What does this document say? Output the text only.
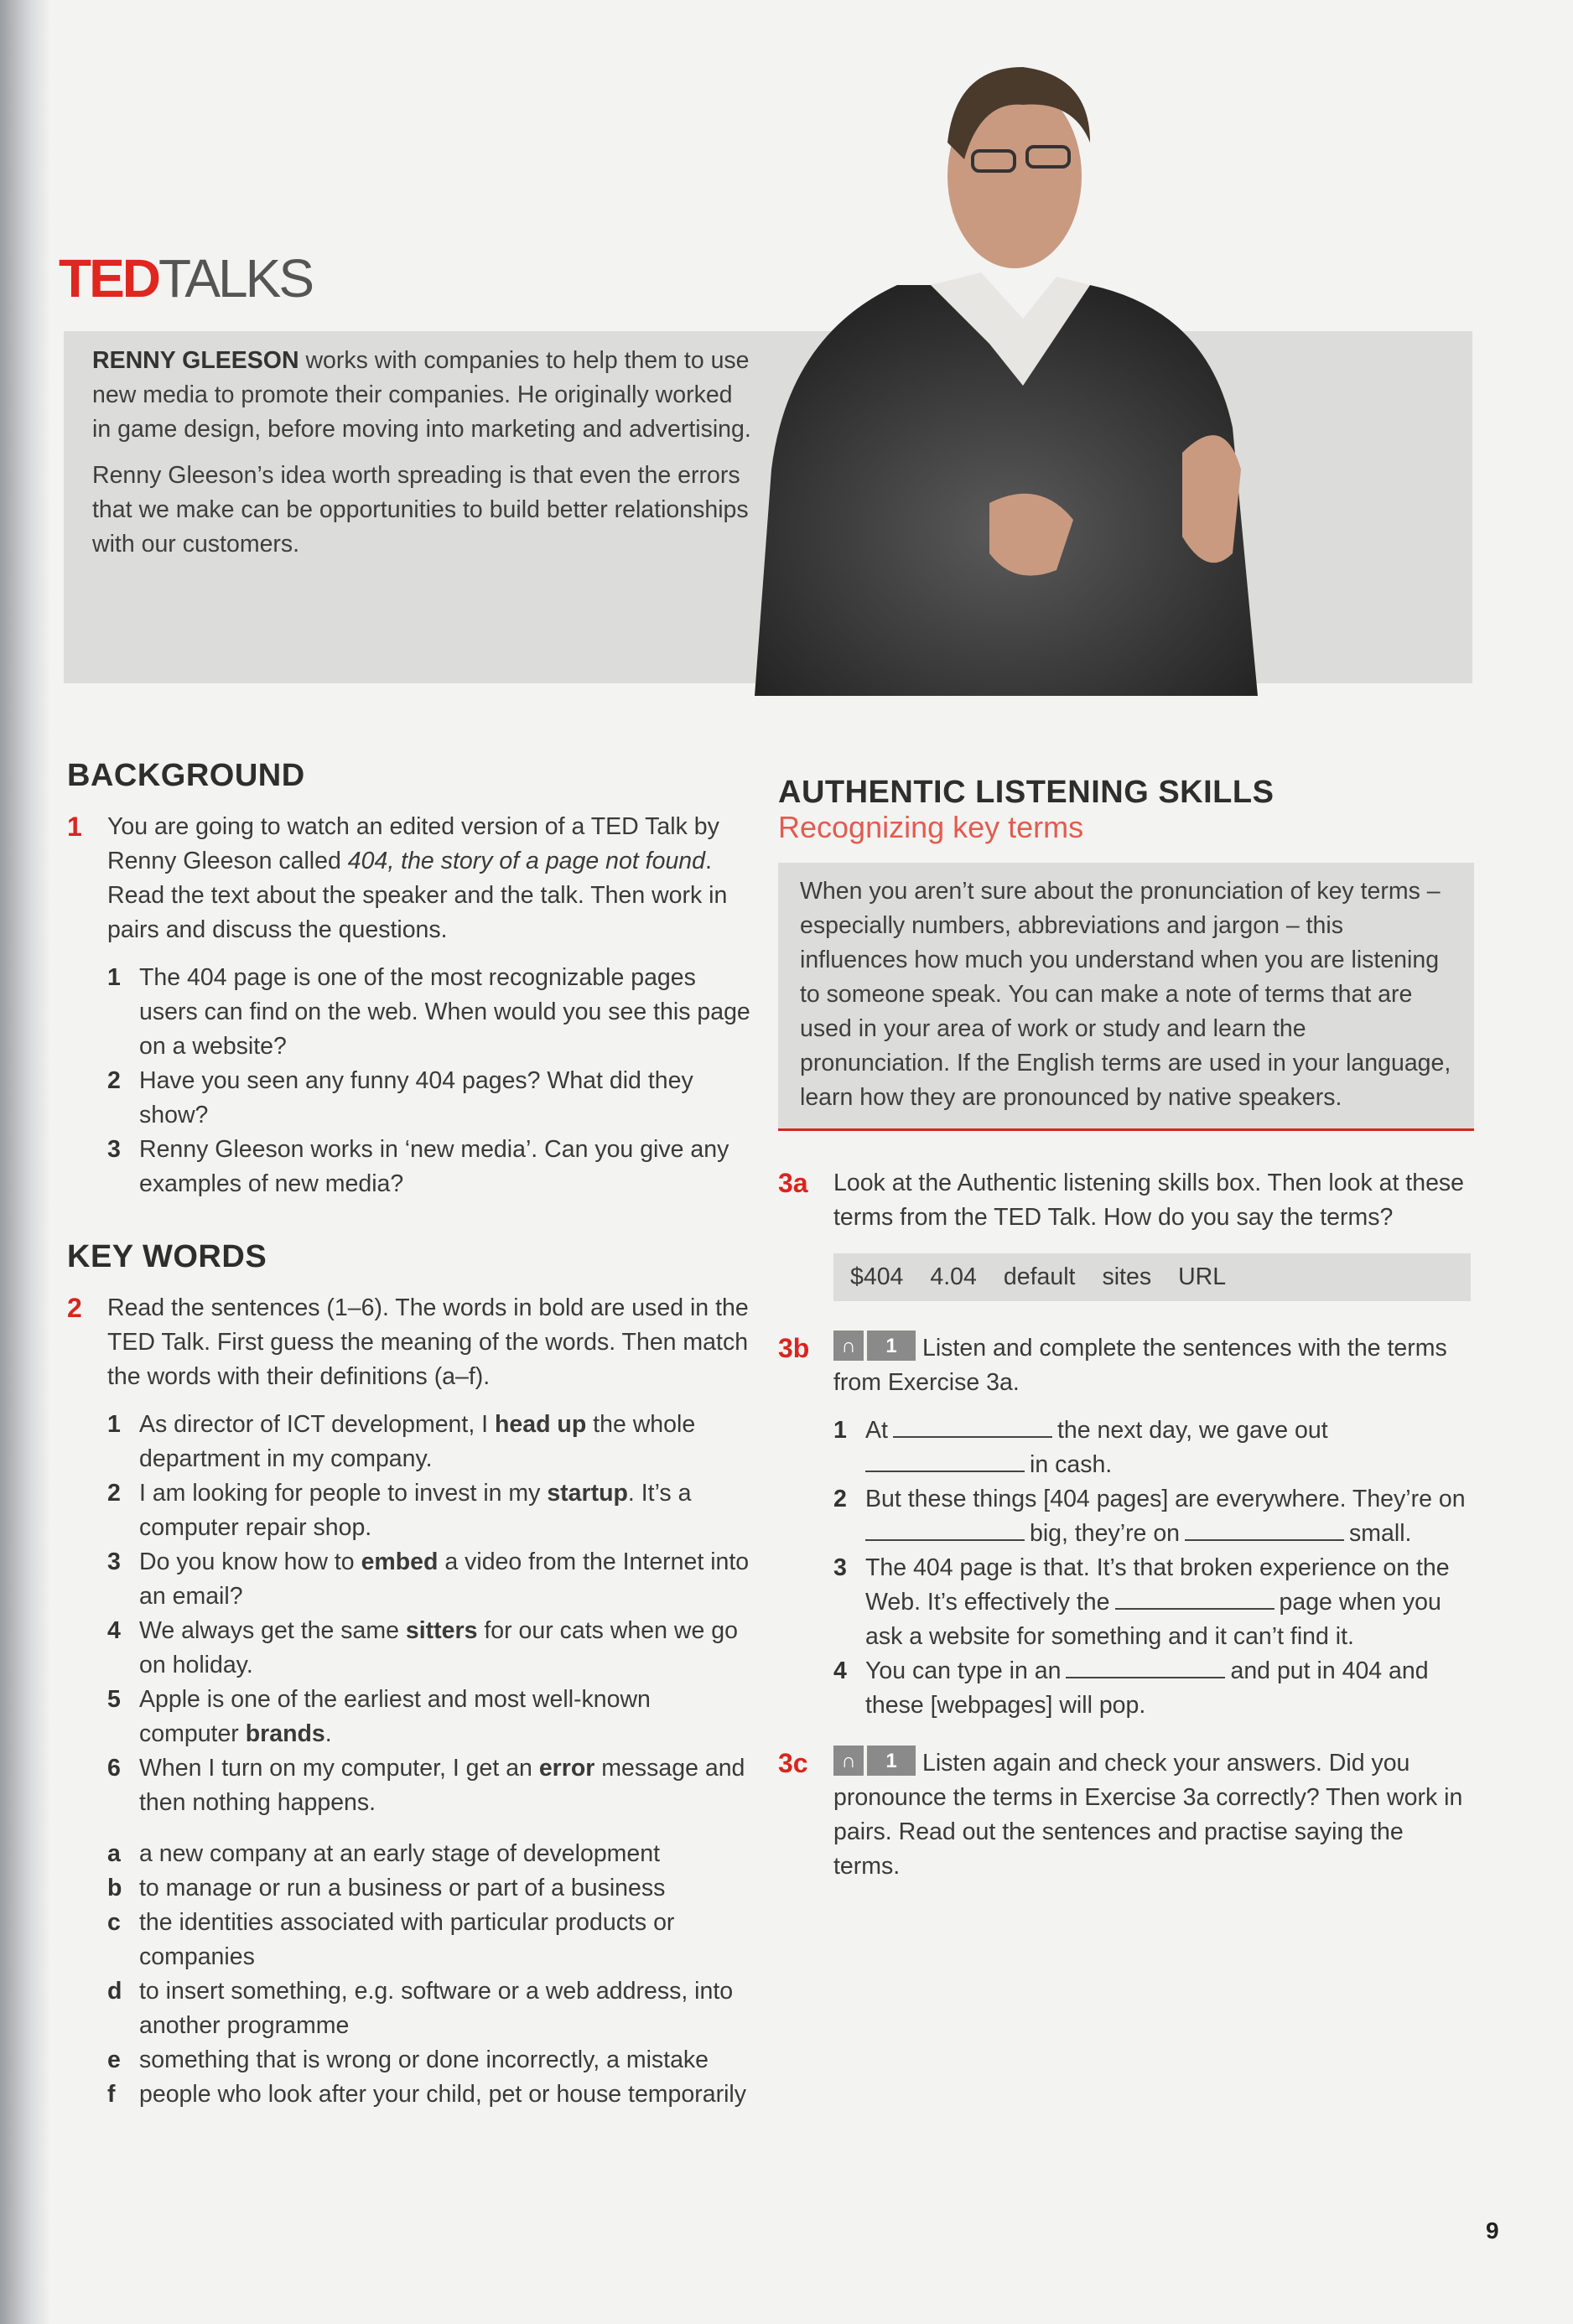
TEDTALKS

RENNY GLEESON works with companies to help them to use new media to promote their companies. He originally worked in game design, before moving into marketing and advertising.

Renny Gleeson’s idea worth spreading is that even the errors that we make can be opportunities to build better relationships with our customers.

BACKGROUND
1	You are going to watch an edited version of a TED Talk by Renny Gleeson called 404, the story of a page not found. Read the text about the speaker and the talk. Then work in pairs and discuss the questions.
1 The 404 page is one of the most recognizable pages users can find on the web. When would you see this page on a website?
2 Have you seen any funny 404 pages? What did they show?
3 Renny Gleeson works in ‘new media’. Can you give any examples of new media?
KEY WORDS
2	Read the sentences (1–6). The words in bold are used in the TED Talk. First guess the meaning of the words. Then match the words with their definitions (a–f).
1 As director of ICT development, I head up the whole department in my company.
2 I am looking for people to invest in my startup. It’s a computer repair shop.
3 Do you know how to embed a video from the Internet into an email?
4 We always get the same sitters for our cats when we go on holiday.
5 Apple is one of the earliest and most well-known computer brands.
6 When I turn on my computer, I get an error message and then nothing happens.
a a new company at an early stage of development
b to manage or run a business or part of a business
c the identities associated with particular products or companies
d to insert something, e.g. software or a web address, into another programme
e something that is wrong or done incorrectly, a mistake
f	people who look after your child, pet or house temporarily
AUTHENTIC LISTENING SKILLS
Recognizing key terms
When you aren’t sure about the pronunciation of key terms – especially numbers, abbreviations and jargon – this influences how much you understand when you are listening to someone speak. You can make a note of terms that are used in your area of work or study and learn the pronunciation. If the English terms are used in your language, learn how they are pronounced by native speakers.
3a	Look at the Authentic listening skills box. Then look at these terms from the TED Talk. How do you say the terms?
$404 4.04 default sites URL
3b	∩	1	Listen and complete the sentences with the terms from Exercise 3a.
1 At	the next day, we gave out
in cash.
2 But these things [404 pages] are everywhere. They’re on
big, they’re on	small.
3 The 404 page is that. It’s that broken experience on the Web. It’s effectively the	page when you ask a website for something and it can’t find it.
4 You can type in an	and put in 404 and these [webpages] will pop.
3c	∩	1	Listen again and check your answers. Did you pronounce the terms in Exercise 3a correctly? Then work in pairs. Read out the sentences and practise saying the terms.
9
